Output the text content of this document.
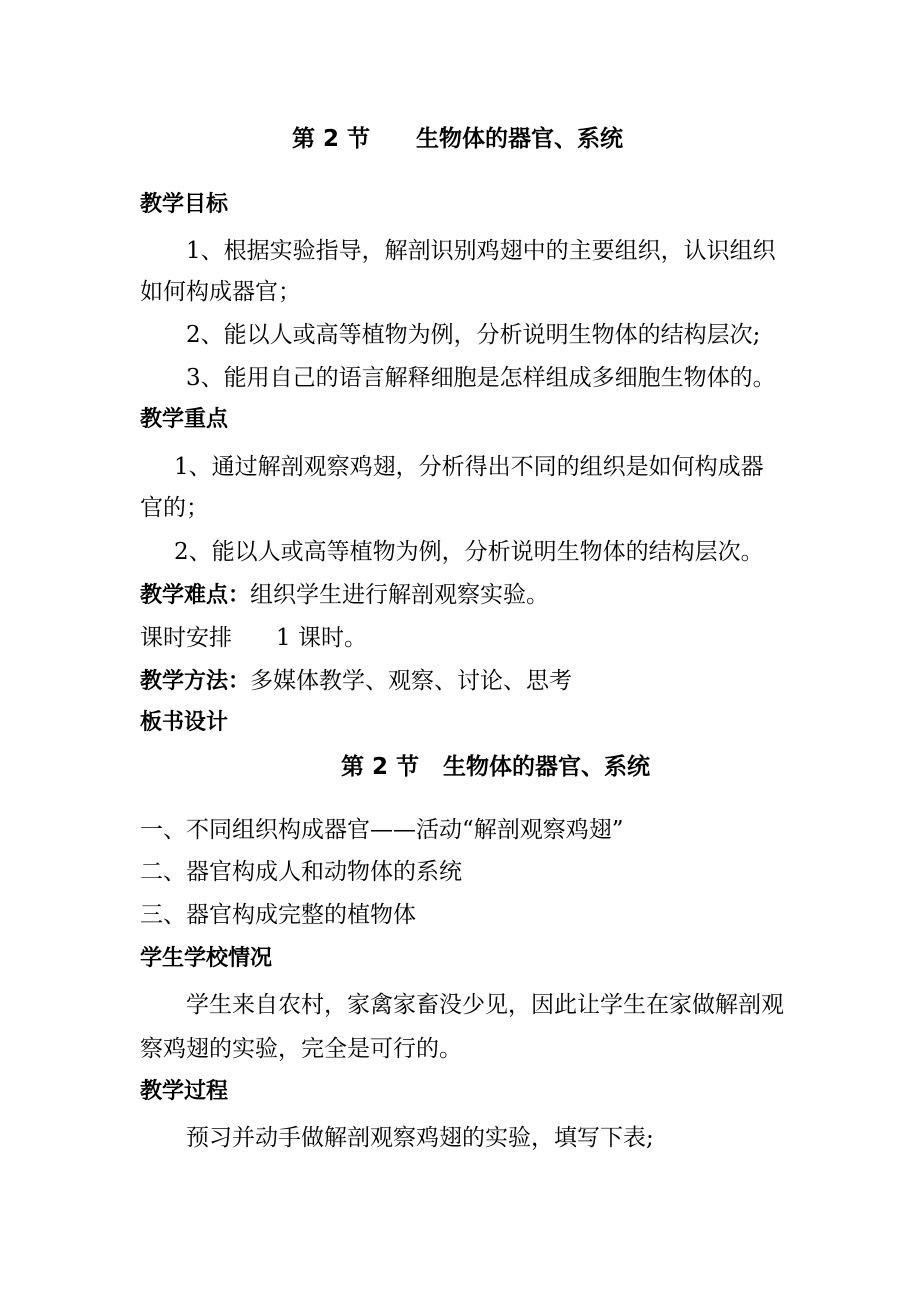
第 2 节 生物体的器官、系统
教学目标
1、根据实验指导，解剖识别鸡翅中的主要组织，认识组织
如何构成器官；
2、能以人或高等植物为例，分析说明生物体的结构层次;
3、能用自己的语言解释细胞是怎样组成多细胞生物体的。
教学重点
1、通过解剖观察鸡翅，分析得出不同的组织是如何构成器
官的；
2、能以人或高等植物为例，分析说明生物体的结构层次。
教学难点：组织学生进行解剖观察实验。
课时安排 1 课时。
教学方法：多媒体教学、观察、讨论、思考
板书设计
第 2 节 生物体的器官、系统
一、不同组织构成器官——活动“解剖观察鸡翅”
二、器官构成人和动物体的系统
三、器官构成完整的植物体
学生学校情况
学生来自农村，家禽家畜没少见，因此让学生在家做解剖观
察鸡翅的实验，完全是可行的。
教学过程
预习并动手做解剖观察鸡翅的实验，填写下表;
